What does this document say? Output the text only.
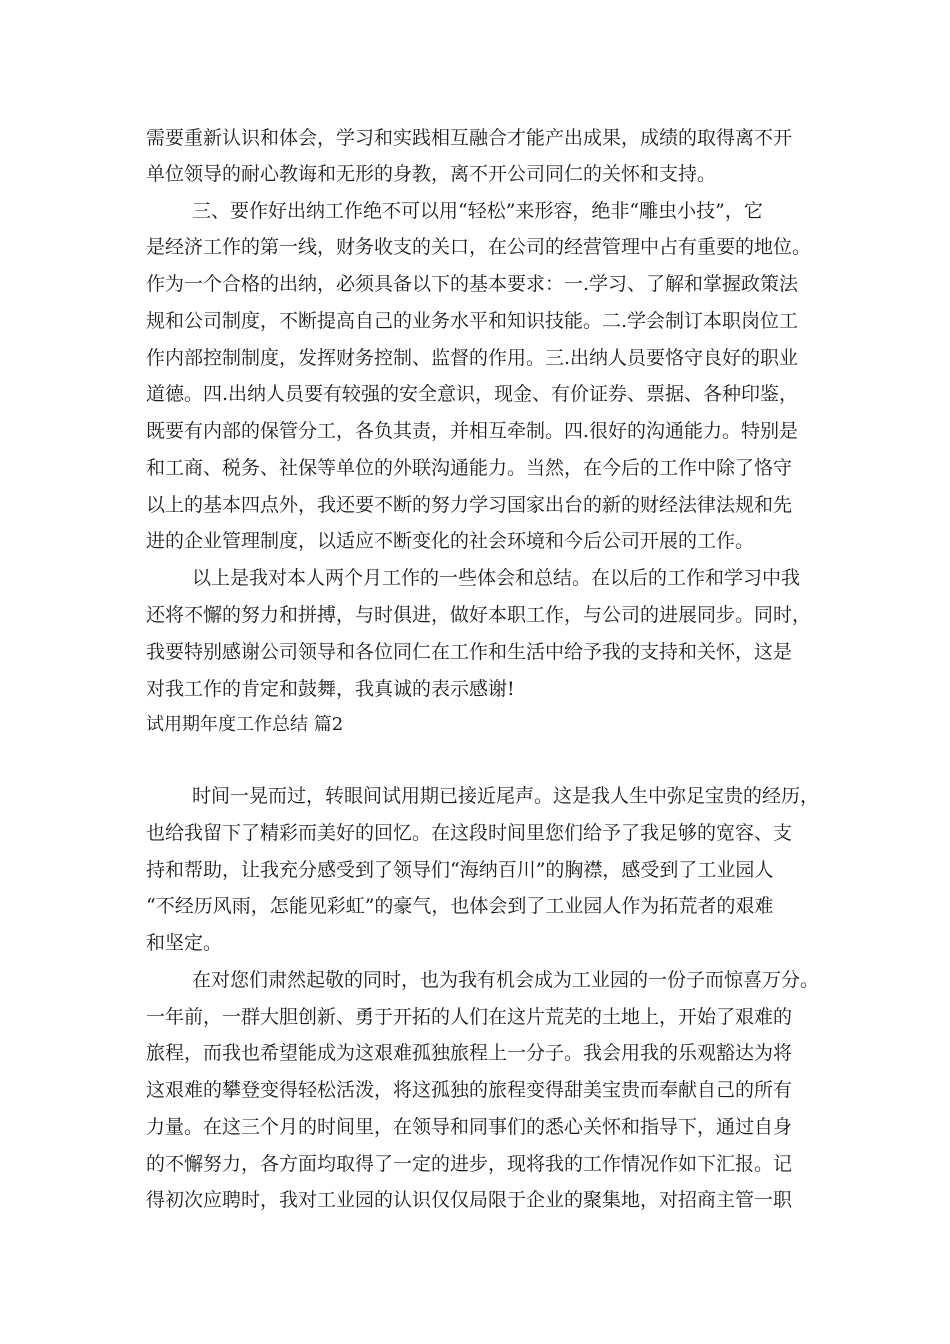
需要重新认识和体会，学习和实践相互融合才能产出成果，成绩的取得离不开
单位领导的耐心教诲和无形的身教，离不开公司同仁的关怀和支持。
三、要作好出纳工作绝不可以用“轻松”来形容，绝非“雕虫小技”，它
是经济工作的第一线，财务收支的关口，在公司的经营管理中占有重要的地位。
作为一个合格的出纳，必须具备以下的基本要求：一.学习、了解和掌握政策法
规和公司制度，不断提高自己的业务水平和知识技能。二.学会制订本职岗位工
作内部控制制度，发挥财务控制、监督的作用。三.出纳人员要恪守良好的职业
道德。四.出纳人员要有较强的安全意识，现金、有价证券、票据、各种印鉴，
既要有内部的保管分工，各负其责，并相互牵制。四.很好的沟通能力。特别是
和工商、税务、社保等单位的外联沟通能力。当然，在今后的工作中除了恪守
以上的基本四点外，我还要不断的努力学习国家出台的新的财经法律法规和先
进的企业管理制度，以适应不断变化的社会环境和今后公司开展的工作。
以上是我对本人两个月工作的一些体会和总结。在以后的工作和学习中我
还将不懈的努力和拼搏，与时俱进，做好本职工作，与公司的进展同步。同时，
我要特别感谢公司领导和各位同仁在工作和生活中给予我的支持和关怀，这是
对我工作的肯定和鼓舞，我真诚的表示感谢!
试用期年度工作总结 篇2
时间一晃而过，转眼间试用期已接近尾声。这是我人生中弥足宝贵的经历，
也给我留下了精彩而美好的回忆。在这段时间里您们给予了我足够的宽容、支
持和帮助，让我充分感受到了领导们“海纳百川”的胸襟，感受到了工业园人
“不经历风雨，怎能见彩虹”的豪气，也体会到了工业园人作为拓荒者的艰难
和坚定。
在对您们肃然起敬的同时，也为我有机会成为工业园的一份子而惊喜万分。
一年前，一群大胆创新、勇于开拓的人们在这片荒芜的土地上，开始了艰难的
旅程，而我也希望能成为这艰难孤独旅程上一分子。我会用我的乐观豁达为将
这艰难的攀登变得轻松活泼，将这孤独的旅程变得甜美宝贵而奉献自己的所有
力量。在这三个月的时间里，在领导和同事们的悉心关怀和指导下，通过自身
的不懈努力，各方面均取得了一定的进步，现将我的工作情况作如下汇报。记
得初次应聘时，我对工业园的认识仅仅局限于企业的聚集地，对招商主管一职
